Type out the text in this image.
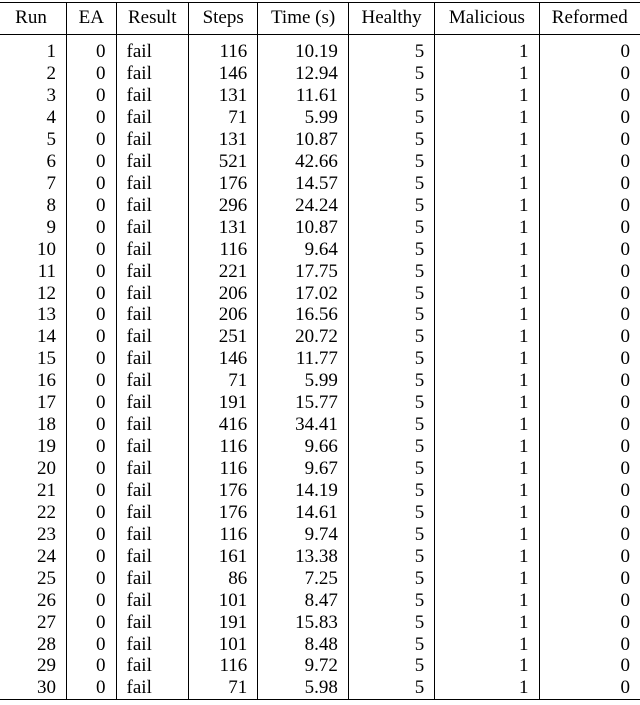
Run	EA	Result	Steps	Time (s)	Healthy	Malicious	Reformed
1	0	fail	116	10.19	5	1	0
2	0	fail	146	12.94	5	1	0
3	0	fail	131	11.61	5	1	0
4	0	fail	71	5.99	5	1	0
5	0	fail	131	10.87	5	1	0
6	0	fail	521	42.66	5	1	0
7	0	fail	176	14.57	5	1	0
8	0	fail	296	24.24	5	1	0
9	0	fail	131	10.87	5	1	0
10	0	fail	116	9.64	5	1	0
11	0	fail	221	17.75	5	1	0
12	0	fail	206	17.02	5	1	0
13	0	fail	206	16.56	5	1	0
14	0	fail	251	20.72	5	1	0
15	0	fail	146	11.77	5	1	0
16	0	fail	71	5.99	5	1	0
17	0	fail	191	15.77	5	1	0
18	0	fail	416	34.41	5	1	0
19	0	fail	116	9.66	5	1	0
20	0	fail	116	9.67	5	1	0
21	0	fail	176	14.19	5	1	0
22	0	fail	176	14.61	5	1	0
23	0	fail	116	9.74	5	1	0
24	0	fail	161	13.38	5	1	0
25	0	fail	86	7.25	5	1	0
26	0	fail	101	8.47	5	1	0
27	0	fail	191	15.83	5	1	0
28	0	fail	101	8.48	5	1	0
29	0	fail	116	9.72	5	1	0
30	0	fail	71	5.98	5	1	0
